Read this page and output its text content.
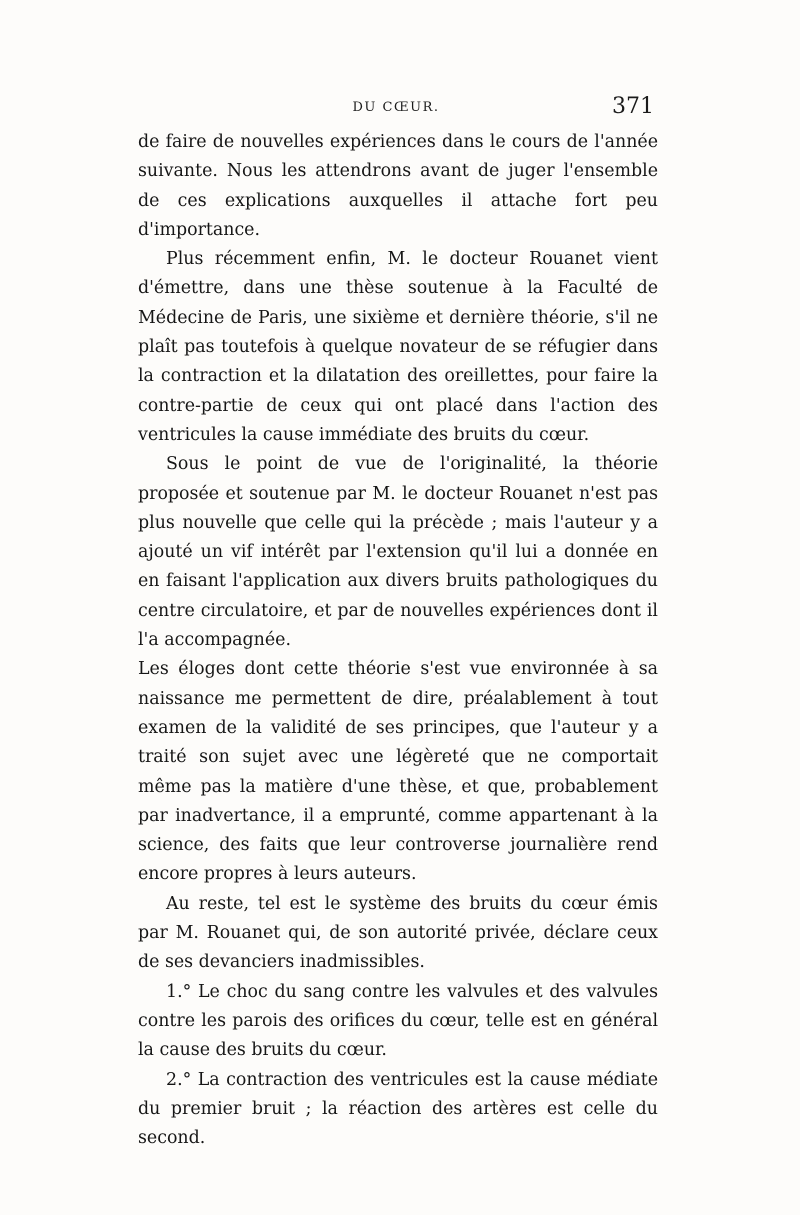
DU CŒUR.	371

de faire de nouvelles expériences dans le cours de l'année suivante. Nous les attendrons avant de juger l'ensemble de ces explications auxquelles il attache fort peu d'importance.

Plus récemment enfin, M. le docteur Rouanet vient d'émettre, dans une thèse soutenue à la Faculté de Médecine de Paris, une sixième et dernière théorie, s'il ne plaît pas toutefois à quelque novateur de se réfugier dans la contraction et la dilatation des oreillettes, pour faire la contre-partie de ceux qui ont placé dans l'action des ventricules la cause immédiate des bruits du cœur.

Sous le point de vue de l'originalité, la théorie proposée et soutenue par M. le docteur Rouanet n'est pas plus nouvelle que celle qui la précède ; mais l'auteur y a ajouté un vif intérêt par l'extension qu'il lui a donnée en en faisant l'application aux divers bruits pathologiques du centre circulatoire, et par de nouvelles expériences dont il l'a accompagnée.

Les éloges dont cette théorie s'est vue environnée à sa naissance me permettent de dire, préalablement à tout examen de la validité de ses principes, que l'auteur y a traité son sujet avec une légèreté que ne comportait même pas la matière d'une thèse, et que, probablement par inadvertance, il a emprunté, comme appartenant à la science, des faits que leur controverse journalière rend encore propres à leurs auteurs.

Au reste, tel est le système des bruits du cœur émis par M. Rouanet qui, de son autorité privée, déclare ceux de ses devanciers inadmissibles.

1.° Le choc du sang contre les valvules et des valvules contre les parois des orifices du cœur, telle est en général la cause des bruits du cœur.

2.° La contraction des ventricules est la cause médiate du premier bruit ; la réaction des artères est celle du second.
